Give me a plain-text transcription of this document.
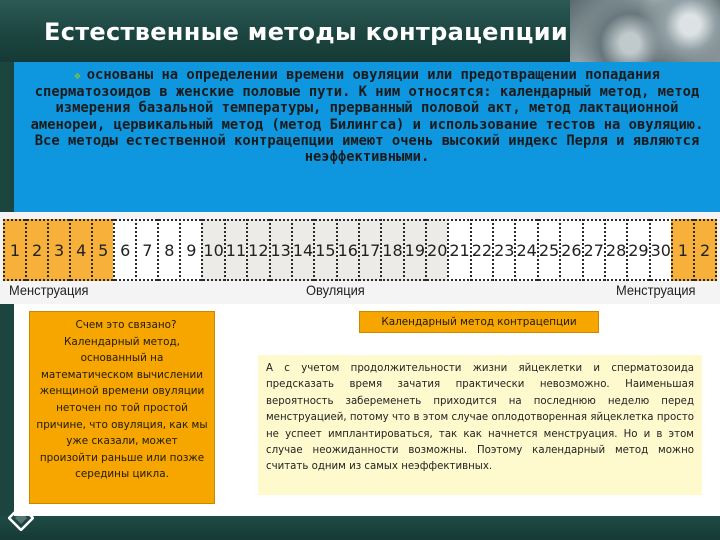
Естественные методы контрацепции
❖ основаны на определении времени овуляции или предотвращении попадания сперматозоидов в женские половые пути. К ним относятся: календарный метод, метод измерения базальной температуры, прерванный половой акт, метод лактационной аменореи, цервикальный метод (метод Билингса) и использование тестов на овуляцию. Все методы естественной контрацепции имеют очень высокий индекс Перля и являются неэффективными.
1 2 3 4 5 6 7 8 9 10 11 12 13 14 15 16 17 18 19 20 21 22 23 24 25 26 27 28 29 30 1 2
Менструация	Овуляция	Менструация
Счем это связано?
Календарный метод, основанный на математическом вычислении женщиной времени овуляции неточен по той простой причине, что овуляция, как мы уже сказали, может произойти раньше или позже середины цикла.
Календарный метод контрацепции
А с учетом продолжительности жизни яйцеклетки и сперматозоида предсказать время зачатия практически невозможно. Наименьшая вероятность забеременеть приходится на последнюю неделю перед менструацией, потому что в этом случае оплодотворенная яйцеклетка просто не успеет имплантироваться, так как начнется менструация. Но и в этом случае неожиданности возможны. Поэтому календарный метод можно считать одним из самых неэффективных.
